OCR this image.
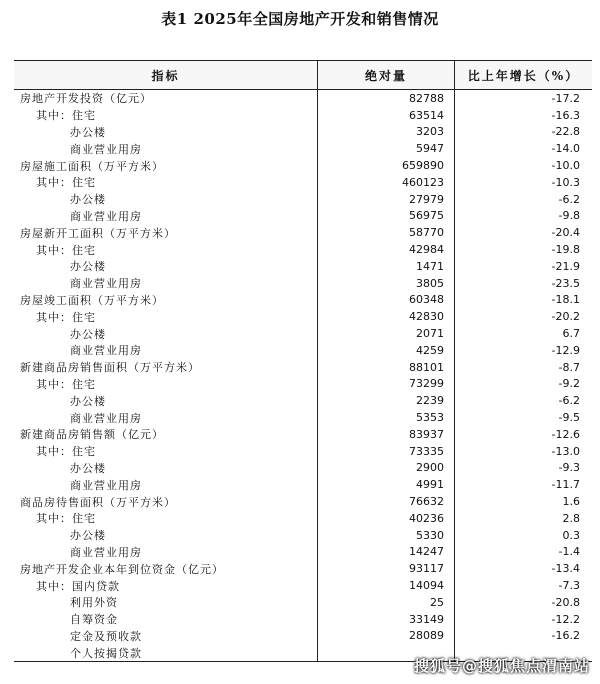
表1 2025年全国房地产开发和销售情况
指标	绝对量	比上年增长（%）
房地产开发投资（亿元）	82788	-17.2
其中：住宅	63514	-16.3
办公楼	3203	-22.8
商业营业用房	5947	-14.0
房屋施工面积（万平方米）	659890	-10.0
其中：住宅	460123	-10.3
办公楼	27979	-6.2
商业营业用房	56975	-9.8
房屋新开工面积（万平方米）	58770	-20.4
其中：住宅	42984	-19.8
办公楼	1471	-21.9
商业营业用房	3805	-23.5
房屋竣工面积（万平方米）	60348	-18.1
其中：住宅	42830	-20.2
办公楼	2071	6.7
商业营业用房	4259	-12.9
新建商品房销售面积（万平方米）	88101	-8.7
其中：住宅	73299	-9.2
办公楼	2239	-6.2
商业营业用房	5353	-9.5
新建商品房销售额（亿元）	83937	-12.6
其中：住宅	73335	-13.0
办公楼	2900	-9.3
商业营业用房	4991	-11.7
商品房待售面积（万平方米）	76632	1.6
其中：住宅	40236	2.8
办公楼	5330	0.3
商业营业用房	14247	-1.4
房地产开发企业本年到位资金（亿元）	93117	-13.4
其中：国内贷款	14094	-7.3
利用外资	25	-20.8
自筹资金	33149	-12.2
定金及预收款	28089	-16.2
个人按揭贷款
搜狐号@搜狐焦点渭南站
